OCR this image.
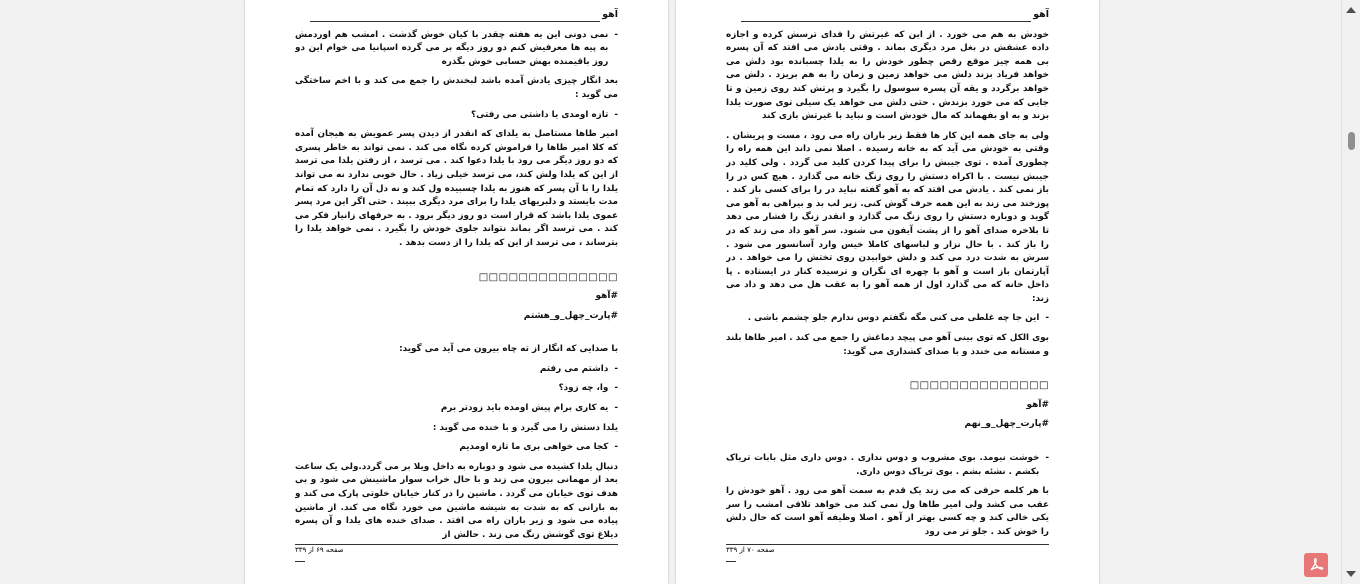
آهو
-
نمی دونی این یه هفته چقدر با کیان خوش گذشت . امشب هم اوردمش به پیه ها معرفیش کنم دو روز دیگه بر می گرده اسپانیا می خوام این دو روز باقیمنده بهش حسابی خوش بگذره
بعد انگار چیزی یادش آمده باشد لبخندش را جمع می کند و با اخم ساختگی می گوید :
-
تازه اومدی یا داشتی می رفتی؟
امیر طاها مستاصل به یلدای که انقدر از دیدن پسر عمویش به هیجان آمده که کلا امیر طاها را فراموش کرده نگاه می کند . نمی تواند به خاطر پسری که دو روز دیگر می رود با یلدا دعوا کند . می ترسد ، از رفتن یلدا می ترسد از این که یلدا ولش کند، می ترسد خیلی زیاد . حال خوبی ندارد نه می تواند یلدا را با آن پسر که هنوز به یلدا چسبیده ول کند و نه دل آن را دارد که تمام مدت بایستد و دلبریهای یلدا را برای مرد دیگری ببیند . حتی اگر این مرد پسر عموی یلدا باشد که قرار است دو روز دیگر برود . به حرفهای زانیار فکر می کند . می ترسد اگر بماند نتواند جلوی خودش را بگیرد . نمی خواهد یلدا را بترساند ، می ترسد از این که یلدا را از دست بدهد .
□□□□□□□□□□□□□□
#آهو
#پارت_چهل_و_هشتم
با صدایی که انگار از ته چاه بیرون می آید می گوید:
-
داشتم می رفتم
-
وا، چه زود؟
-
یه کاری برام پیش اومده باید زودتر برم
یلدا دستش را می گیرد و با خنده می گوید :
-
کجا می خواهی بری ما تازه اومدیم
دنبال یلدا کشیده می شود و دوباره به داخل ویلا بر می گردد.ولی یک ساعت بعد از مهمانی بیرون می زند و با حال خراب سوار ماشینش می شود و بی هدف توی خیابان می گردد . ماشین را در کنار خیابان خلوتی پارک می کند و به بارانی که به شدت به شیشه ماشین می خورد نگاه می کند. از ماشین پیاده می شود و زیر باران راه می افتد . صدای خنده های یلدا و آن پسره دیلاغ توی گوشش زنگ می زند . حالش از
صفحه ۶۹ از ۳۳۹
آهو
خودش به هم می خورد . از این که غیرتش را فدای ترسش کرده و اجازه داده عشقش در بغل مرد دیگری بماند . وقتی یادش می افتد که آن پسره بی همه چیز موقع رقص چطور خودش را به یلدا چسبانده بود دلش می خواهد فریاد بزند دلش می خواهد زمین و زمان را به هم بریزد . دلش می خواهد برگردد و یقه آن پسره سوسول را بگیرد و پرتش کند روی زمین و تا جایی که می خورد بزندش . حتی دلش می خواهد یک سیلی توی صورت یلدا بزند و به او بفهماند که مال خودش است و نباید با غیرتش بازی کند
ولی به جای همه این کار ها فقط زیر باران راه می رود ، مست و پریشان . وقتی به خودش می آید که به خانه رسیده . اصلا نمی داند این همه راه را چطوری آمده . توی جیبش را برای پیدا کردن کلید می گردد . ولی کلید در جیبش نیست . با اکراه دستش را روی زنگ خانه می گذارد . هیچ کس در را باز نمی کند . یادش می افتد که به آهو گفته نباید در را برای کسی باز کند . پوزخند می زند به این همه حرف گوش کنی. زیر لب بد و بیراهی به آهو می گوید و دوباره دستش را روی زنگ می گذارد و انقدر زنگ را فشار می دهد تا بلاخره صدای آهو را از پشت آیفون می شنود. سر آهو داد می زند که در را باز کند . با حال نزار و لباسهای کاملا خیس وارد آسانسور می شود . سرش به شدت درد می کند و دلش خوابیدن روی تختش را می خواهد . در آپارتمان باز است و آهو با چهره ای نگران و ترسیده کنار در ایستاده . پا داخل خانه که می گذارد اول از همه آهو را به عقب هل می دهد و داد می زند:
-
این جا چه غلطی می کنی مگه نگفتم دوس ندارم جلو چشمم باشی .
بوی الکل که توی بینی آهو می پیچد دماغش را جمع می کند . امیر طاها بلند و مستانه می خندد و با صدای کشداری می گوید:
□□□□□□□□□□□□□□
#آهو
#پارت_چهل_و_نهم
-
خوشت نیومد. بوی مشروب و دوس نداری . دوس داری مثل بابات تریاک بکشم . نشئه بشم . بوی تریاک دوس داری.
با هر کلمه حرفی که می زند یک قدم به سمت آهو می رود . آهو خودش را عقب می کشد ولی امیر طاها ول نمی کند می خواهد تلافی امشب را سر یکی خالی کند و چه کسی بهتر از آهو . اصلا وظیفه آهو است که حال دلش را خوش کند . جلو تر می رود
صفحه ۷۰ از ۳۳۹
